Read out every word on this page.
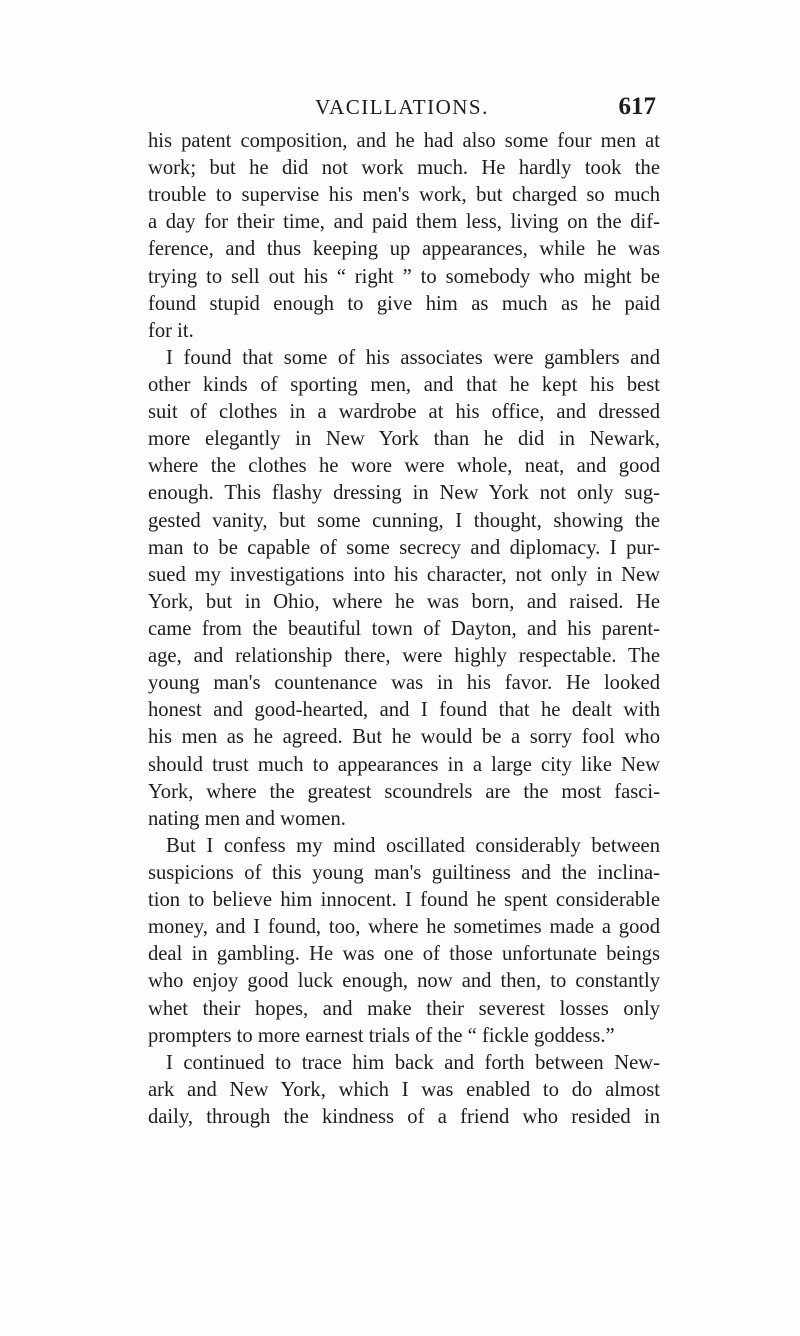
VACILLATIONS.	617
his patent composition, and he had also some four men at
work; but he did not work much. He hardly took the
trouble to supervise his men's work, but charged so much
a day for their time, and paid them less, living on the dif-
ference, and thus keeping up appearances, while he was
trying to sell out his “ right ” to somebody who might be
found stupid enough to give him as much as he paid
for it.
I found that some of his associates were gamblers and
other kinds of sporting men, and that he kept his best
suit of clothes in a wardrobe at his office, and dressed
more elegantly in New York than he did in Newark,
where the clothes he wore were whole, neat, and good
enough. This flashy dressing in New York not only sug-
gested vanity, but some cunning, I thought, showing the
man to be capable of some secrecy and diplomacy. I pur-
sued my investigations into his character, not only in New
York, but in Ohio, where he was born, and raised. He
came from the beautiful town of Dayton, and his parent-
age, and relationship there, were highly respectable. The
young man's countenance was in his favor. He looked
honest and good-hearted, and I found that he dealt with
his men as he agreed. But he would be a sorry fool who
should trust much to appearances in a large city like New
York, where the greatest scoundrels are the most fasci-
nating men and women.
But I confess my mind oscillated considerably between
suspicions of this young man's guiltiness and the inclina-
tion to believe him innocent. I found he spent considerable
money, and I found, too, where he sometimes made a good
deal in gambling. He was one of those unfortunate beings
who enjoy good luck enough, now and then, to constantly
whet their hopes, and make their severest losses only
prompters to more earnest trials of the “ fickle goddess.”
I continued to trace him back and forth between New-
ark and New York, which I was enabled to do almost
daily, through the kindness of a friend who resided in
